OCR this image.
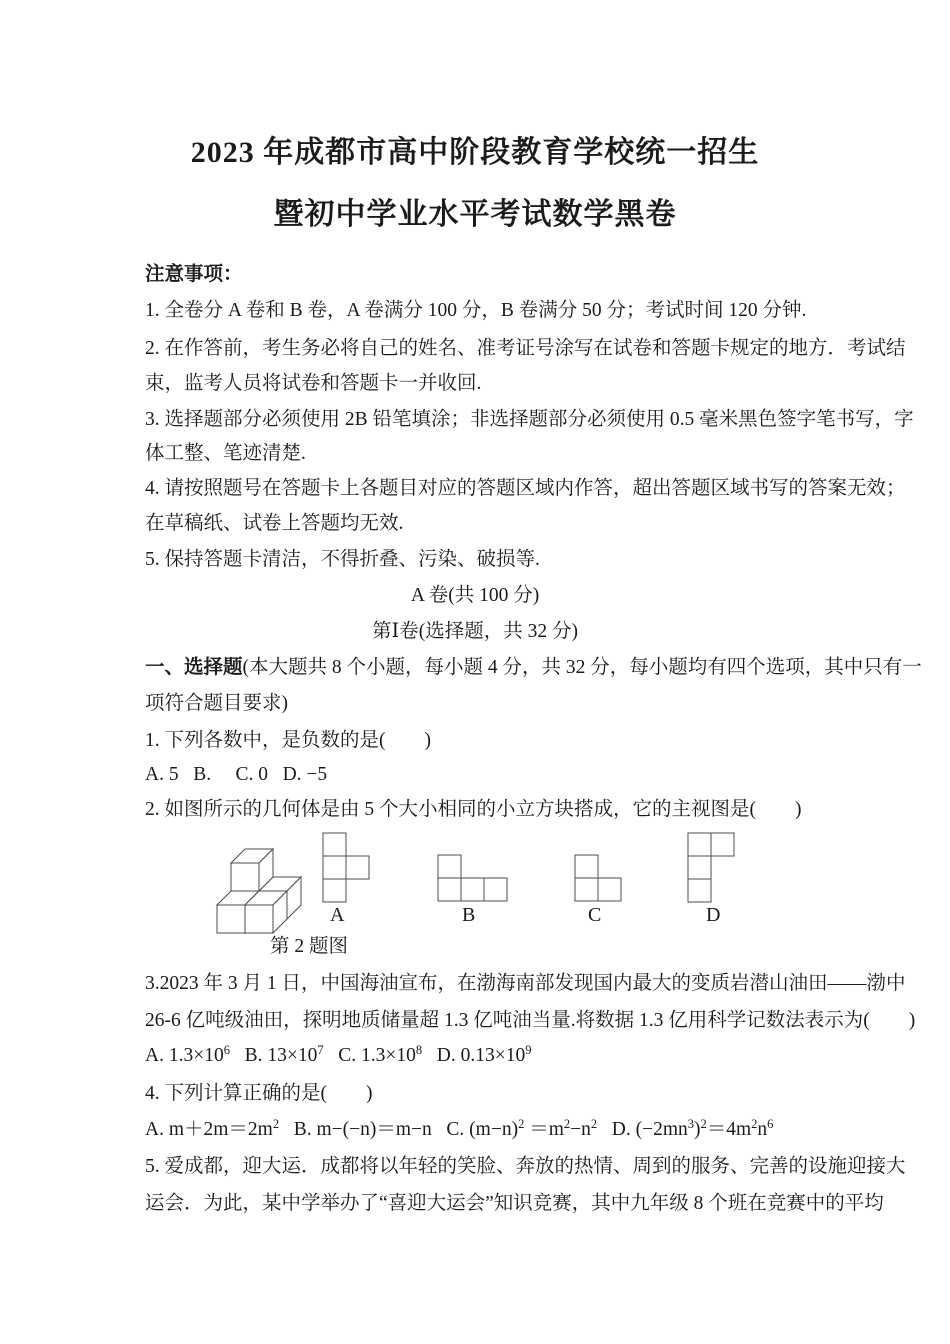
2023 年成都市高中阶段教育学校统一招生
暨初中学业水平考试数学黑卷
第 2 题图
A	B	C	D
注意事项：
1. 全卷分 A 卷和 B 卷，A 卷满分 100 分，B 卷满分 50 分；考试时间 120 分钟.
2. 在作答前，考生务必将自己的姓名、准考证号涂写在试卷和答题卡规定的地方．考试结
束，监考人员将试卷和答题卡一并收回.
3. 选择题部分必须使用 2B 铅笔填涂；非选择题部分必须使用 0.5 毫米黑色签字笔书写，字
体工整、笔迹清楚.
4. 请按照题号在答题卡上各题目对应的答题区域内作答，超出答题区域书写的答案无效；
在草稿纸、试卷上答题均无效.
5. 保持答题卡清洁，不得折叠、污染、破损等.
A 卷(共 100 分)
第Ⅰ卷(选择题，共 32 分)
一、选择题(本大题共 8 个小题，每小题 4 分，共 32 分，每小题均有四个选项，其中只有一
项符合题目要求)
1. 下列各数中，是负数的是(　　)
A. 5   B.     C. 0   D. −5
2. 如图所示的几何体是由 5 个大小相同的小立方块搭成，它的主视图是(　　)
3.2023 年 3 月 1 日，中国海油宣布，在渤海南部发现国内最大的变质岩潜山油田——渤中
26-6 亿吨级油田，探明地质储量超 1.3 亿吨油当量.将数据 1.3 亿用科学记数法表示为(　　)
A. $1.3\times 10^6$   B. $13\times 10^7$   C. $1.3\times 10^8$   D. $0.13\times 10^9$
4. 下列计算正确的是(　　)
A. $m+2m=2m^2$   B. m−(−n)＝m−n   C. $(m-n)^2 =m^2-n^2$   D. $(-2mn^3)^2=4m^2n^6$
5. 爱成都，迎大运．成都将以年轻的笑脸、奔放的热情、周到的服务、完善的设施迎接大
运会．为此，某中学举办了“喜迎大运会”知识竞赛，其中九年级 8 个班在竞赛中的平均
